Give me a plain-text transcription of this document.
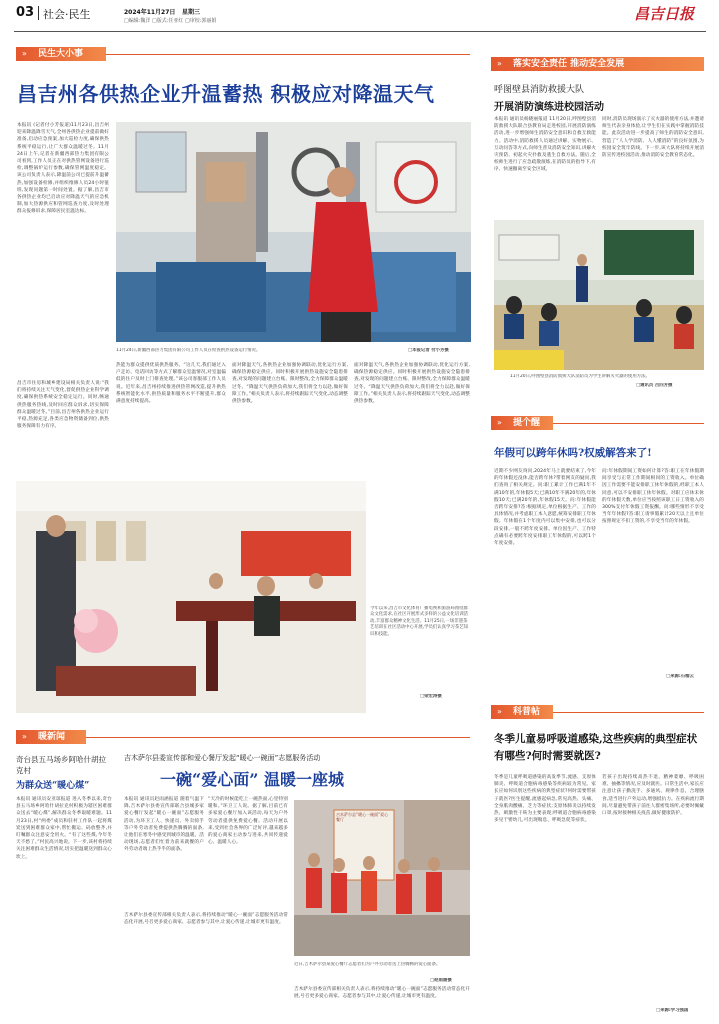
03 社会·民生	2024年11月27日 星期三
□编辑:魏洋 □版式:任亚红 □审校:郭丽娟	昌吉日报
»	民生大小事
昌吉州各供热企业升温蓄热 积极应对降温天气
本报讯 (记者付小芳报道)11月23日,昌吉州迎来降温降雪天气,全州各供热企业提前做好准备,启动应急预案,加大巡检力度,确保供热系统平稳运行,让广大群众温暖过冬。11月24日上午,记者在新疆西部热力集团有限公司看到,工作人员正在对供热管网设备进行巡检,调整锅炉运行参数,确保管网温度稳定。该公司负责人表示,降温前公司已提前升温蓄热,加强设备检修,并组织维修人员24小时值班,发现问题第一时间处置。据了解,昌吉市各供热企业均已启动应对降温天气的应急机制,加大热源供应和管网巡查力度,及时处理群众报修诉求,保障居民室温达标。
11月24日,新疆西部热力集团有限公司工作人员在检查供热设备运行情况。	□本报记者 付小芳摄
昌吉市住房和城乡建设局相关负责人说:“我们将持续关注天气变化,督促供热企业科学调度,确保供热系统安全稳定运行。同时,畅通供热服务热线,及时回应群众诉求,切实保障群众温暖过冬。”目前,昌吉州各供热企业运行平稳,热源充足,各类应急物资储备到位,供热服务保障有力有序。
热能为群众提供优质供热服务。“这几天,我们通过入户走访、电话回访等方式了解群众室温情况,对室温偏低的住户及时上门排查处理。”该公司客服部工作人员说。近年来,昌吉州持续推进供热管网改造,提升供热系统智能化水平,供热质量和服务水平不断提升,群众满意度持续提高。
面对降温天气,各供热企业加强协调联动,优化运行方案,确保热源稳定供应。同时积极开展供热设施安全隐患排查,对发现的问题建立台账、限时整改,全力保障群众温暖过冬。“降温天气供热负荷加大,我们将全力以赴,做好保障工作。”相关负责人表示,将持续跟踪天气变化,动态调整供热参数。
面对降温天气,各供热企业加强协调联动,优化运行方案,确保热源稳定供应。同时积极开展供热设施安全隐患排查,对发现的问题建立台账、限时整改,全力保障群众温暖过冬。“降温天气供热负荷加大,我们将全力以赴,做好保障工作。”相关负责人表示,将持续跟踪天气变化,动态调整供热参数。
今年以来,昌吉市文化体育广播电视和旅游局围绕群众文化需求,在社区开展形式多样的公益文化培训活动,丰富群众精神文化生活。11月25日,一场非遗茶艺培训在社区活动中心开展,学员们认真学习茶艺知识和技能。
□梁宏涛摄
»	暖新闻
奇台县五马场乡阿哈什胡拉克村
为群众送“暖心煤”
本报讯 通讯员安亚琼报道 进入冬季以来,奇台县五马场乡阿哈什胡拉克村积极为辖区困难群众送去“暖心煤”,解决群众冬季取暖难题。11月23日,村“两委”成员和驻村工作队一起将煤炭送到困难群众家中,帮忙搬运、码放整齐,并叮嘱群众注意安全用火。“有了这些煤,今年冬天不愁了。”村民高兴地说。下一步,该村将持续关注困难群众生活情况,切实把温暖送到群众心坎上。
吉木萨尔县委宣传部和爱心餐厅发起“暖心一碗面”志愿服务活动
一碗“爱心面” 温暖一座城
本报讯 通讯员赵雨涵报道 随着气温下降,吉木萨尔县委宣传部联合县城多家爱心餐厅发起“暖心一碗面”志愿服务活动,为环卫工人、快递员、外卖骑手等户外劳动者免费提供热腾腾的面条,让他们在寒冬中感受到城市的温暖。活动现场,志愿者们忙着为前来就餐的户外劳动者端上热乎乎的面条。
“天冷的时候能吃上一碗热面,心里特别暖和。”环卫工人说。据了解,目前已有多家爱心餐厅加入该活动,每天为户外劳动者提供免费爱心餐。活动开展以来,受到社会各界的广泛好评,越来越多的爱心商家主动参与进来,共同传递爱心、温暖人心。
吉木萨尔县委宣传部相关负责人表示,将持续推动“暖心一碗面”志愿服务活动常态化开展,号召更多爱心商家、志愿者参与其中,让爱心传递,让城市更有温度。
吉木萨尔县“暖心一碗面”爱心餐厅
近日,吉木萨尔县某爱心餐厅志愿者们为户外劳动者送上热腾腾的爱心面条。
□赵雨涵摄
吉木萨尔县委宣传部相关负责人表示,将持续推动“暖心一碗面”志愿服务活动常态化开展,号召更多爱心商家、志愿者参与其中,让爱心传递,让城市更有温度。
»	落实安全责任 推动安全发展
呼图壁县消防救援大队
开展消防演练进校园活动
本报讯 通讯员杨晓丽报道 11月20日,呼图壁县消防救援大队联合县教育局走进校园,开展消防演练活动,进一步增强师生消防安全意识和自救互救能力。活动中,消防救援人员通过讲解、实物展示、互动问答等方式,向师生普及消防安全知识,讲解火灾预防、初起火灾扑救及逃生自救方法。随后,全校师生进行了应急疏散演练,在消防员的指导下,有序、快速撤离至安全区域。
同时,消防员现场演示了灭火器的使用方法,并邀请师生代表亲身体验,让学生们在实践中掌握消防技能。此次活动进一步提高了师生的消防安全意识,营造了“人人学消防、人人懂消防”的良好氛围,为校园安全筑牢防线。下一步,该大队将持续开展消防宣传进校园活动,推动消防安全教育常态化。
11月20日,呼图壁县消防救援大队消防员为学生讲解灭火器的使用方法。
□通讯员 吕四芳摄
»	提个醒
年假可以跨年休吗?权威解答来了!
近期不少网友询问,2024年马上就要结束了,今年的年休假还没休,能否跨年休?带着网友的疑问,我们查询了相关规定。问:职工累计工作已满1年不满10年的,年休假5天;已满10年不满20年的,年休假10天;已满20年的,年休假15天。问:年休假能否跨年安排?答:根据规定,单位根据生产、工作的具体情况,并考虑职工本人意愿,统筹安排职工年休假。年休假在1个年度内可以集中安排,也可以分段安排,一般不跨年度安排。单位因生产、工作特点确有必要跨年度安排职工年休假的,可以跨1个年度安排。
问:年休假期间工资如何计算?答:职工在年休假期间享受与正常工作期间相同的工资收入。单位确因工作需要不能安排职工休年休假的,经职工本人同意,可以不安排职工休年休假。对职工应休未休的年休假天数,单位应当按照该职工日工资收入的300%支付年休假工资报酬。问:哪些情形不享受当年年休假?答:职工请事假累计20天以上且单位按照规定不扣工资的,不享受当年的年休假。
□来源:石榴云
»	科普帖
冬季儿童易呼吸道感染,这些疾病的典型症状有哪些?何时需要就医?
冬季是儿童呼吸道感染的高发季节,流感、支原体肺炎、呼吸道合胞病毒感染等疾病较为常见。家长应如何识别这些疾病的典型症状?何时需要带孩子就医?医生提醒,流感起病急,常见高热、头痛、全身肌肉酸痛、乏力等症状;支原体肺炎以持续发热、刺激性干咳为主要表现;呼吸道合胞病毒感染多见于婴幼儿,可出现喘息、呼吸急促等症状。
若孩子出现持续高热不退、精神萎靡、呼吸困难、抽搐等情况,应及时就医。日常生活中,家长应注意让孩子勤洗手、多通风、规律作息、合理膳食,适当进行户外运动,增强抵抗力。在疾病流行期间,尽量避免带孩子前往人群密集场所,必要时佩戴口罩,按时接种相关疫苗,做好健康防护。
□来源:学习强国
